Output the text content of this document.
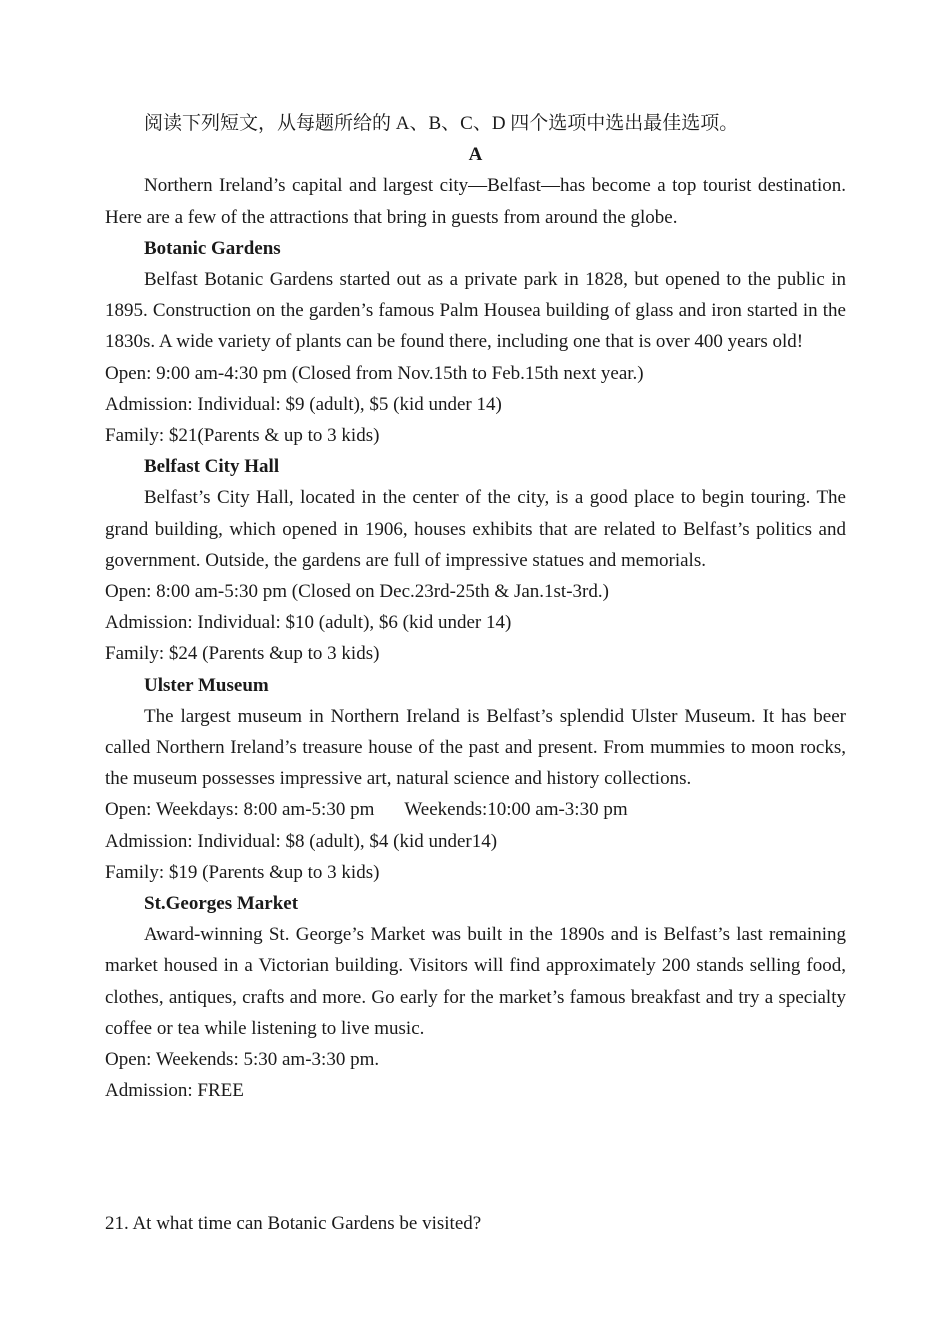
阅读下列短文，从每题所给的 A、B、C、D 四个选项中选出最佳选项。
A
Northern Ireland’s capital and largest city—Belfast—has become a top tourist destination. Here are a few of the attractions that bring in guests from around the globe.
Botanic Gardens
Belfast Botanic Gardens started out as a private park in 1828, but opened to the public in 1895. Construction on the garden’s famous Palm Housea building of glass and iron started in the 1830s. A wide variety of plants can be found there, including one that is over 400 years old!
Open: 9:00 am-4:30 pm (Closed from Nov.15th to Feb.15th next year.)
Admission: Individual: $9 (adult), $5 (kid under 14)
Family: $21(Parents & up to 3 kids)
Belfast City Hall
Belfast’s City Hall, located in the center of the city, is a good place to begin touring. The grand building, which opened in 1906, houses exhibits that are related to Belfast’s politics and government. Outside, the gardens are full of impressive statues and memorials.
Open: 8:00 am-5:30 pm (Closed on Dec.23rd-25th & Jan.1st-3rd.)
Admission: Individual: $10 (adult), $6 (kid under 14)
Family: $24 (Parents &up to 3 kids)
Ulster Museum
The largest museum in Northern Ireland is Belfast’s splendid Ulster Museum. It has beer called Northern Ireland’s treasure house of the past and present. From mummies to moon rocks, the museum possesses impressive art, natural science and history collections.
Open: Weekdays: 8:00 am-5:30 pm Weekends:10:00 am-3:30 pm
Admission: Individual: $8 (adult), $4 (kid under14)
Family: $19 (Parents &up to 3 kids)
St.Georges Market
Award-winning St. George’s Market was built in the 1890s and is Belfast’s last remaining market housed in a Victorian building. Visitors will find approximately 200 stands selling food, clothes, antiques, crafts and more. Go early for the market’s famous breakfast and try a specialty coffee or tea while listening to live music.
Open: Weekends: 5:30 am-3:30 pm.
Admission: FREE
21. At what time can Botanic Gardens be visited?
